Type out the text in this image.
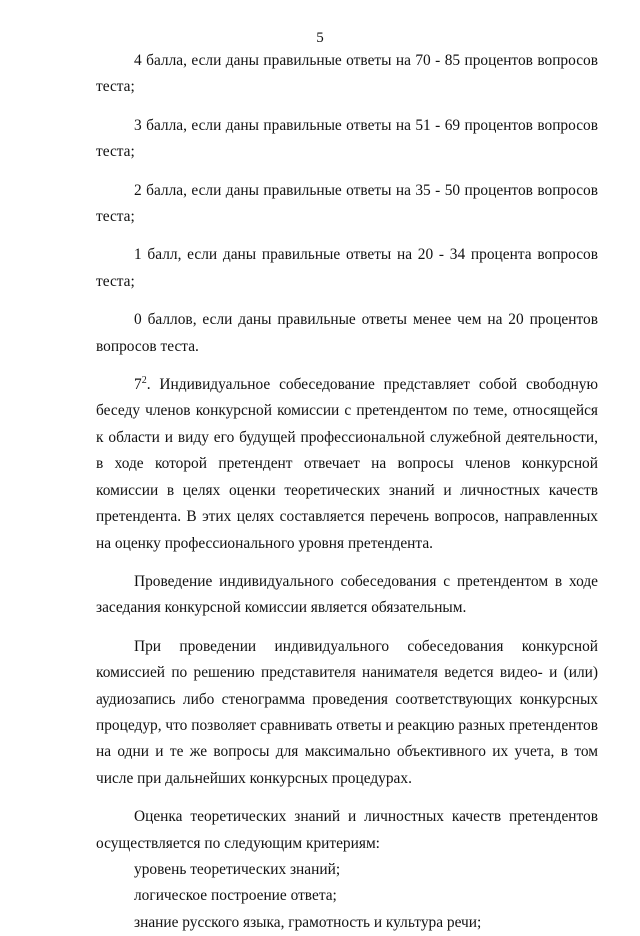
5

4 балла, если даны правильные ответы на 70 - 85 процентов вопросов теста;

3 балла, если даны правильные ответы на 51 - 69 процентов вопросов теста;

2 балла, если даны правильные ответы на 35 - 50 процентов вопросов теста;

1 балл, если даны правильные ответы на 20 - 34 процента вопросов теста;

0 баллов, если даны правильные ответы менее чем на 20 процентов вопросов теста.

$7^2$. Индивидуальное собеседование представляет собой свободную беседу членов конкурсной комиссии с претендентом по теме, относящейся к области и виду его будущей профессиональной служебной деятельности, в ходе которой претендент отвечает на вопросы членов конкурсной комиссии в целях оценки теоретических знаний и личностных качеств претендента. В этих целях составляется перечень вопросов, направленных на оценку профессионального уровня претендента.

Проведение индивидуального собеседования с претендентом в ходе заседания конкурсной комиссии является обязательным.

При проведении индивидуального собеседования конкурсной комиссией по решению представителя нанимателя ведется видео- и (или) аудиозапись либо стенограмма проведения соответствующих конкурсных процедур, что позволяет сравнивать ответы и реакцию разных претендентов на одни и те же вопросы для максимально объективного их учета, в том числе при дальнейших конкурсных процедурах.

Оценка теоретических знаний и личностных качеств претендентов осуществляется по следующим критериям:

уровень теоретических знаний;

логическое построение ответа;

знание русского языка, грамотность и культура речи;
